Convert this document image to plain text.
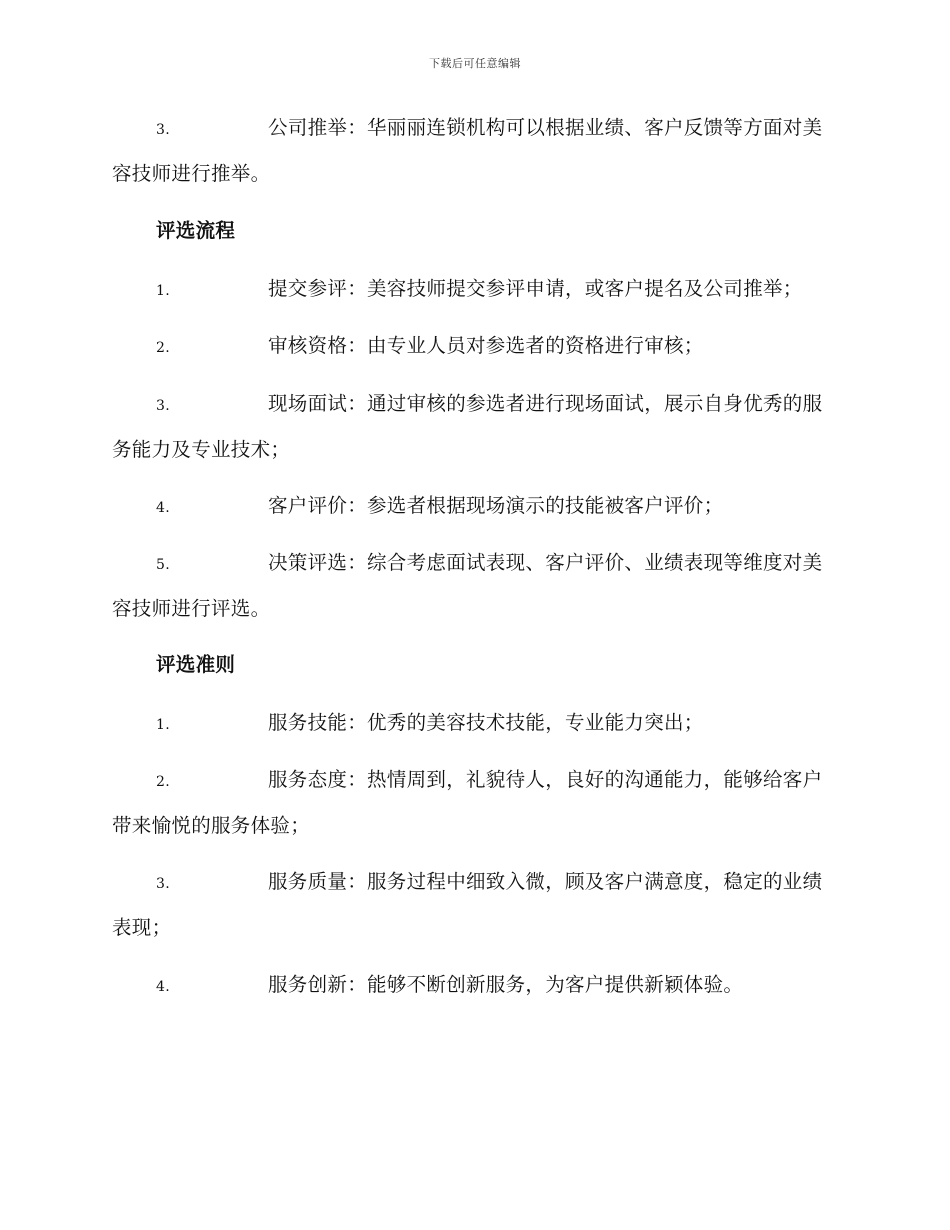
下载后可任意编辑
3.	公司推举：华丽丽连锁机构可以根据业绩、客户反馈等方面对美
容技师进行推举。
评选流程
1.	提交参评：美容技师提交参评申请，或客户提名及公司推举；
2.	审核资格：由专业人员对参选者的资格进行审核；
3.	现场面试：通过审核的参选者进行现场面试，展示自身优秀的服
务能力及专业技术；
4.	客户评价：参选者根据现场演示的技能被客户评价；
5.	决策评选：综合考虑面试表现、客户评价、业绩表现等维度对美
容技师进行评选。
评选准则
1.	服务技能：优秀的美容技术技能，专业能力突出；
2.	服务态度：热情周到，礼貌待人，良好的沟通能力，能够给客户
带来愉悦的服务体验；
3.	服务质量：服务过程中细致入微，顾及客户满意度，稳定的业绩
表现；
4.	服务创新：能够不断创新服务，为客户提供新颖体验。
